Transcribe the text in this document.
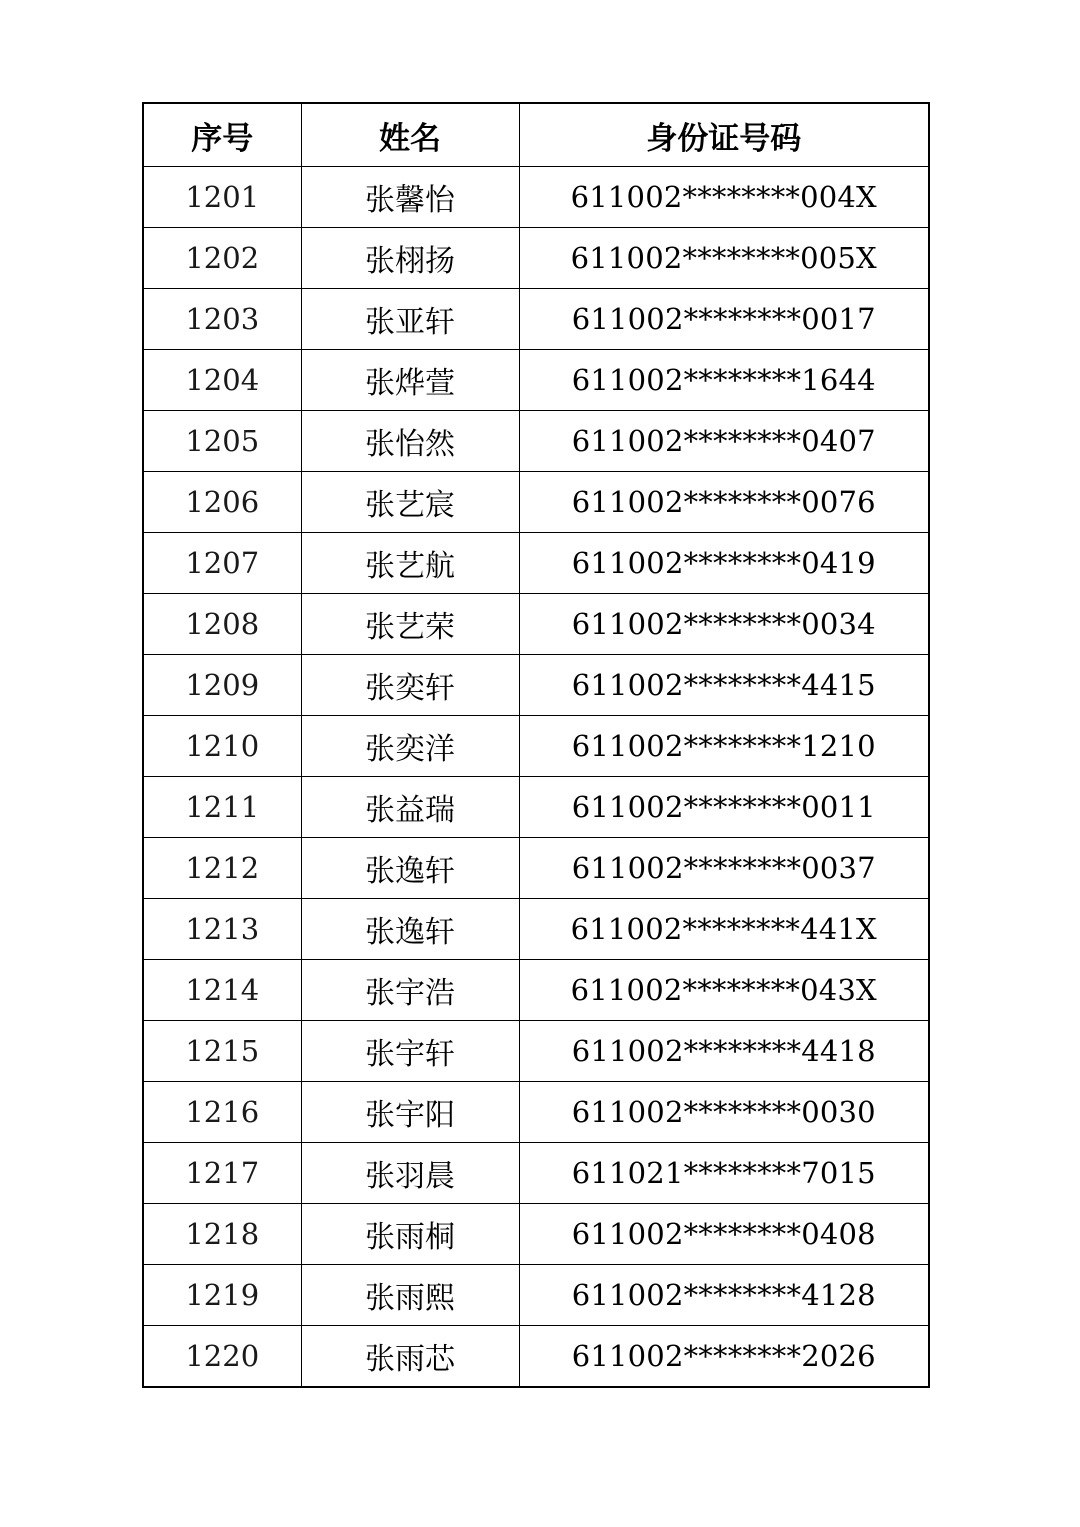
序号	姓名	身份证号码
1201	张馨怡	611002********004X
1202	张栩扬	611002********005X
1203	张亚轩	611002********0017
1204	张烨萱	611002********1644
1205	张怡然	611002********0407
1206	张艺宸	611002********0076
1207	张艺航	611002********0419
1208	张艺荣	611002********0034
1209	张奕轩	611002********4415
1210	张奕洋	611002********1210
1211	张益瑞	611002********0011
1212	张逸轩	611002********0037
1213	张逸轩	611002********441X
1214	张宇浩	611002********043X
1215	张宇轩	611002********4418
1216	张宇阳	611002********0030
1217	张羽晨	611021********7015
1218	张雨桐	611002********0408
1219	张雨熙	611002********4128
1220	张雨芯	611002********2026
